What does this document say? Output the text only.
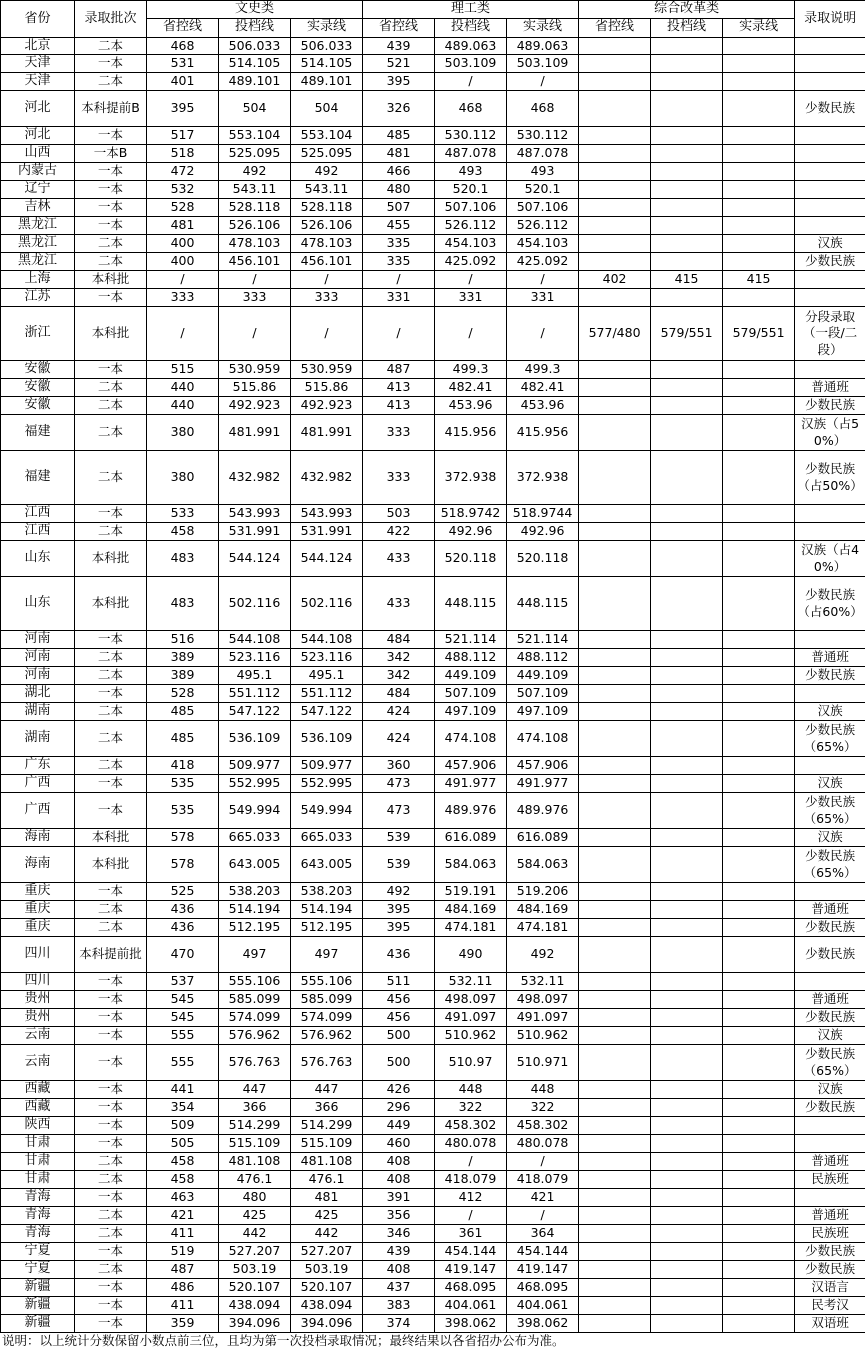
省份	录取批次	文史类			理工类			综合改革类			录取说明
		省控线	投档线	实录线	省控线	投档线	实录线	省控线	投档线	实录线	
北京	二本	468	506.033	506.033	439	489.063	489.063				
天津	一本	531	514.105	514.105	521	503.109	503.109				
天津	二本	401	489.101	489.101	395	/	/				
河北	本科提前B	395	504	504	326	468	468				少数民族
河北	一本	517	553.104	553.104	485	530.112	530.112				
山西	一本B	518	525.095	525.095	481	487.078	487.078				
内蒙古	一本	472	492	492	466	493	493				
辽宁	一本	532	543.11	543.11	480	520.1	520.1				
吉林	一本	528	528.118	528.118	507	507.106	507.106				
黑龙江	一本	481	526.106	526.106	455	526.112	526.112				
黑龙江	二本	400	478.103	478.103	335	454.103	454.103				汉族
黑龙江	二本	400	456.101	456.101	335	425.092	425.092				少数民族
上海	本科批	/	/	/	/	/	/	402	415	415	
江苏	一本	333	333	333	331	331	331				
浙江	本科批	/	/	/	/	/	/	577/480	579/551	579/551	分段录取（一段/二段）
安徽	一本	515	530.959	530.959	487	499.3	499.3				
安徽	二本	440	515.86	515.86	413	482.41	482.41				普通班
安徽	二本	440	492.923	492.923	413	453.96	453.96				少数民族
福建	二本	380	481.991	481.991	333	415.956	415.956				汉族（占50%）
福建	二本	380	432.982	432.982	333	372.938	372.938				少数民族（占50%）
江西	一本	533	543.993	543.993	503	518.9742	518.9744				
江西	二本	458	531.991	531.991	422	492.96	492.96				
山东	本科批	483	544.124	544.124	433	520.118	520.118				汉族（占40%）
山东	本科批	483	502.116	502.116	433	448.115	448.115				少数民族（占60%）
河南	一本	516	544.108	544.108	484	521.114	521.114				
河南	二本	389	523.116	523.116	342	488.112	488.112				普通班
河南	二本	389	495.1	495.1	342	449.109	449.109				少数民族
湖北	一本	528	551.112	551.112	484	507.109	507.109				
湖南	二本	485	547.122	547.122	424	497.109	497.109				汉族
湖南	二本	485	536.109	536.109	424	474.108	474.108				少数民族（65%）
广东	二本	418	509.977	509.977	360	457.906	457.906				
广西	一本	535	552.995	552.995	473	491.977	491.977				汉族
广西	一本	535	549.994	549.994	473	489.976	489.976				少数民族（65%）
海南	本科批	578	665.033	665.033	539	616.089	616.089				汉族
海南	本科批	578	643.005	643.005	539	584.063	584.063				少数民族（65%）
重庆	一本	525	538.203	538.203	492	519.191	519.206				
重庆	二本	436	514.194	514.194	395	484.169	484.169				普通班
重庆	二本	436	512.195	512.195	395	474.181	474.181				少数民族
四川	本科提前批	470	497	497	436	490	492				少数民族
四川	一本	537	555.106	555.106	511	532.11	532.11				
贵州	一本	545	585.099	585.099	456	498.097	498.097				普通班
贵州	一本	545	574.099	574.099	456	491.097	491.097				少数民族
云南	一本	555	576.962	576.962	500	510.962	510.962				汉族
云南	一本	555	576.763	576.763	500	510.97	510.971				少数民族（65%）
西藏	一本	441	447	447	426	448	448				汉族
西藏	一本	354	366	366	296	322	322				少数民族
陕西	一本	509	514.299	514.299	449	458.302	458.302				
甘肃	一本	505	515.109	515.109	460	480.078	480.078				
甘肃	二本	458	481.108	481.108	408	/	/				普通班
甘肃	二本	458	476.1	476.1	408	418.079	418.079				民族班
青海	一本	463	480	481	391	412	421				
青海	二本	421	425	425	356	/	/				普通班
青海	二本	411	442	442	346	361	364				民族班
宁夏	一本	519	527.207	527.207	439	454.144	454.144				少数民族
宁夏	二本	487	503.19	503.19	408	419.147	419.147				少数民族
新疆	一本	486	520.107	520.107	437	468.095	468.095				汉语言
新疆	一本	411	438.094	438.094	383	404.061	404.061				民考汉
新疆	一本	359	394.096	394.096	374	398.062	398.062				双语班
说明：以上统计分数保留小数点前三位，且均为第一次投档录取情况；最终结果以各省招办公布为准。
